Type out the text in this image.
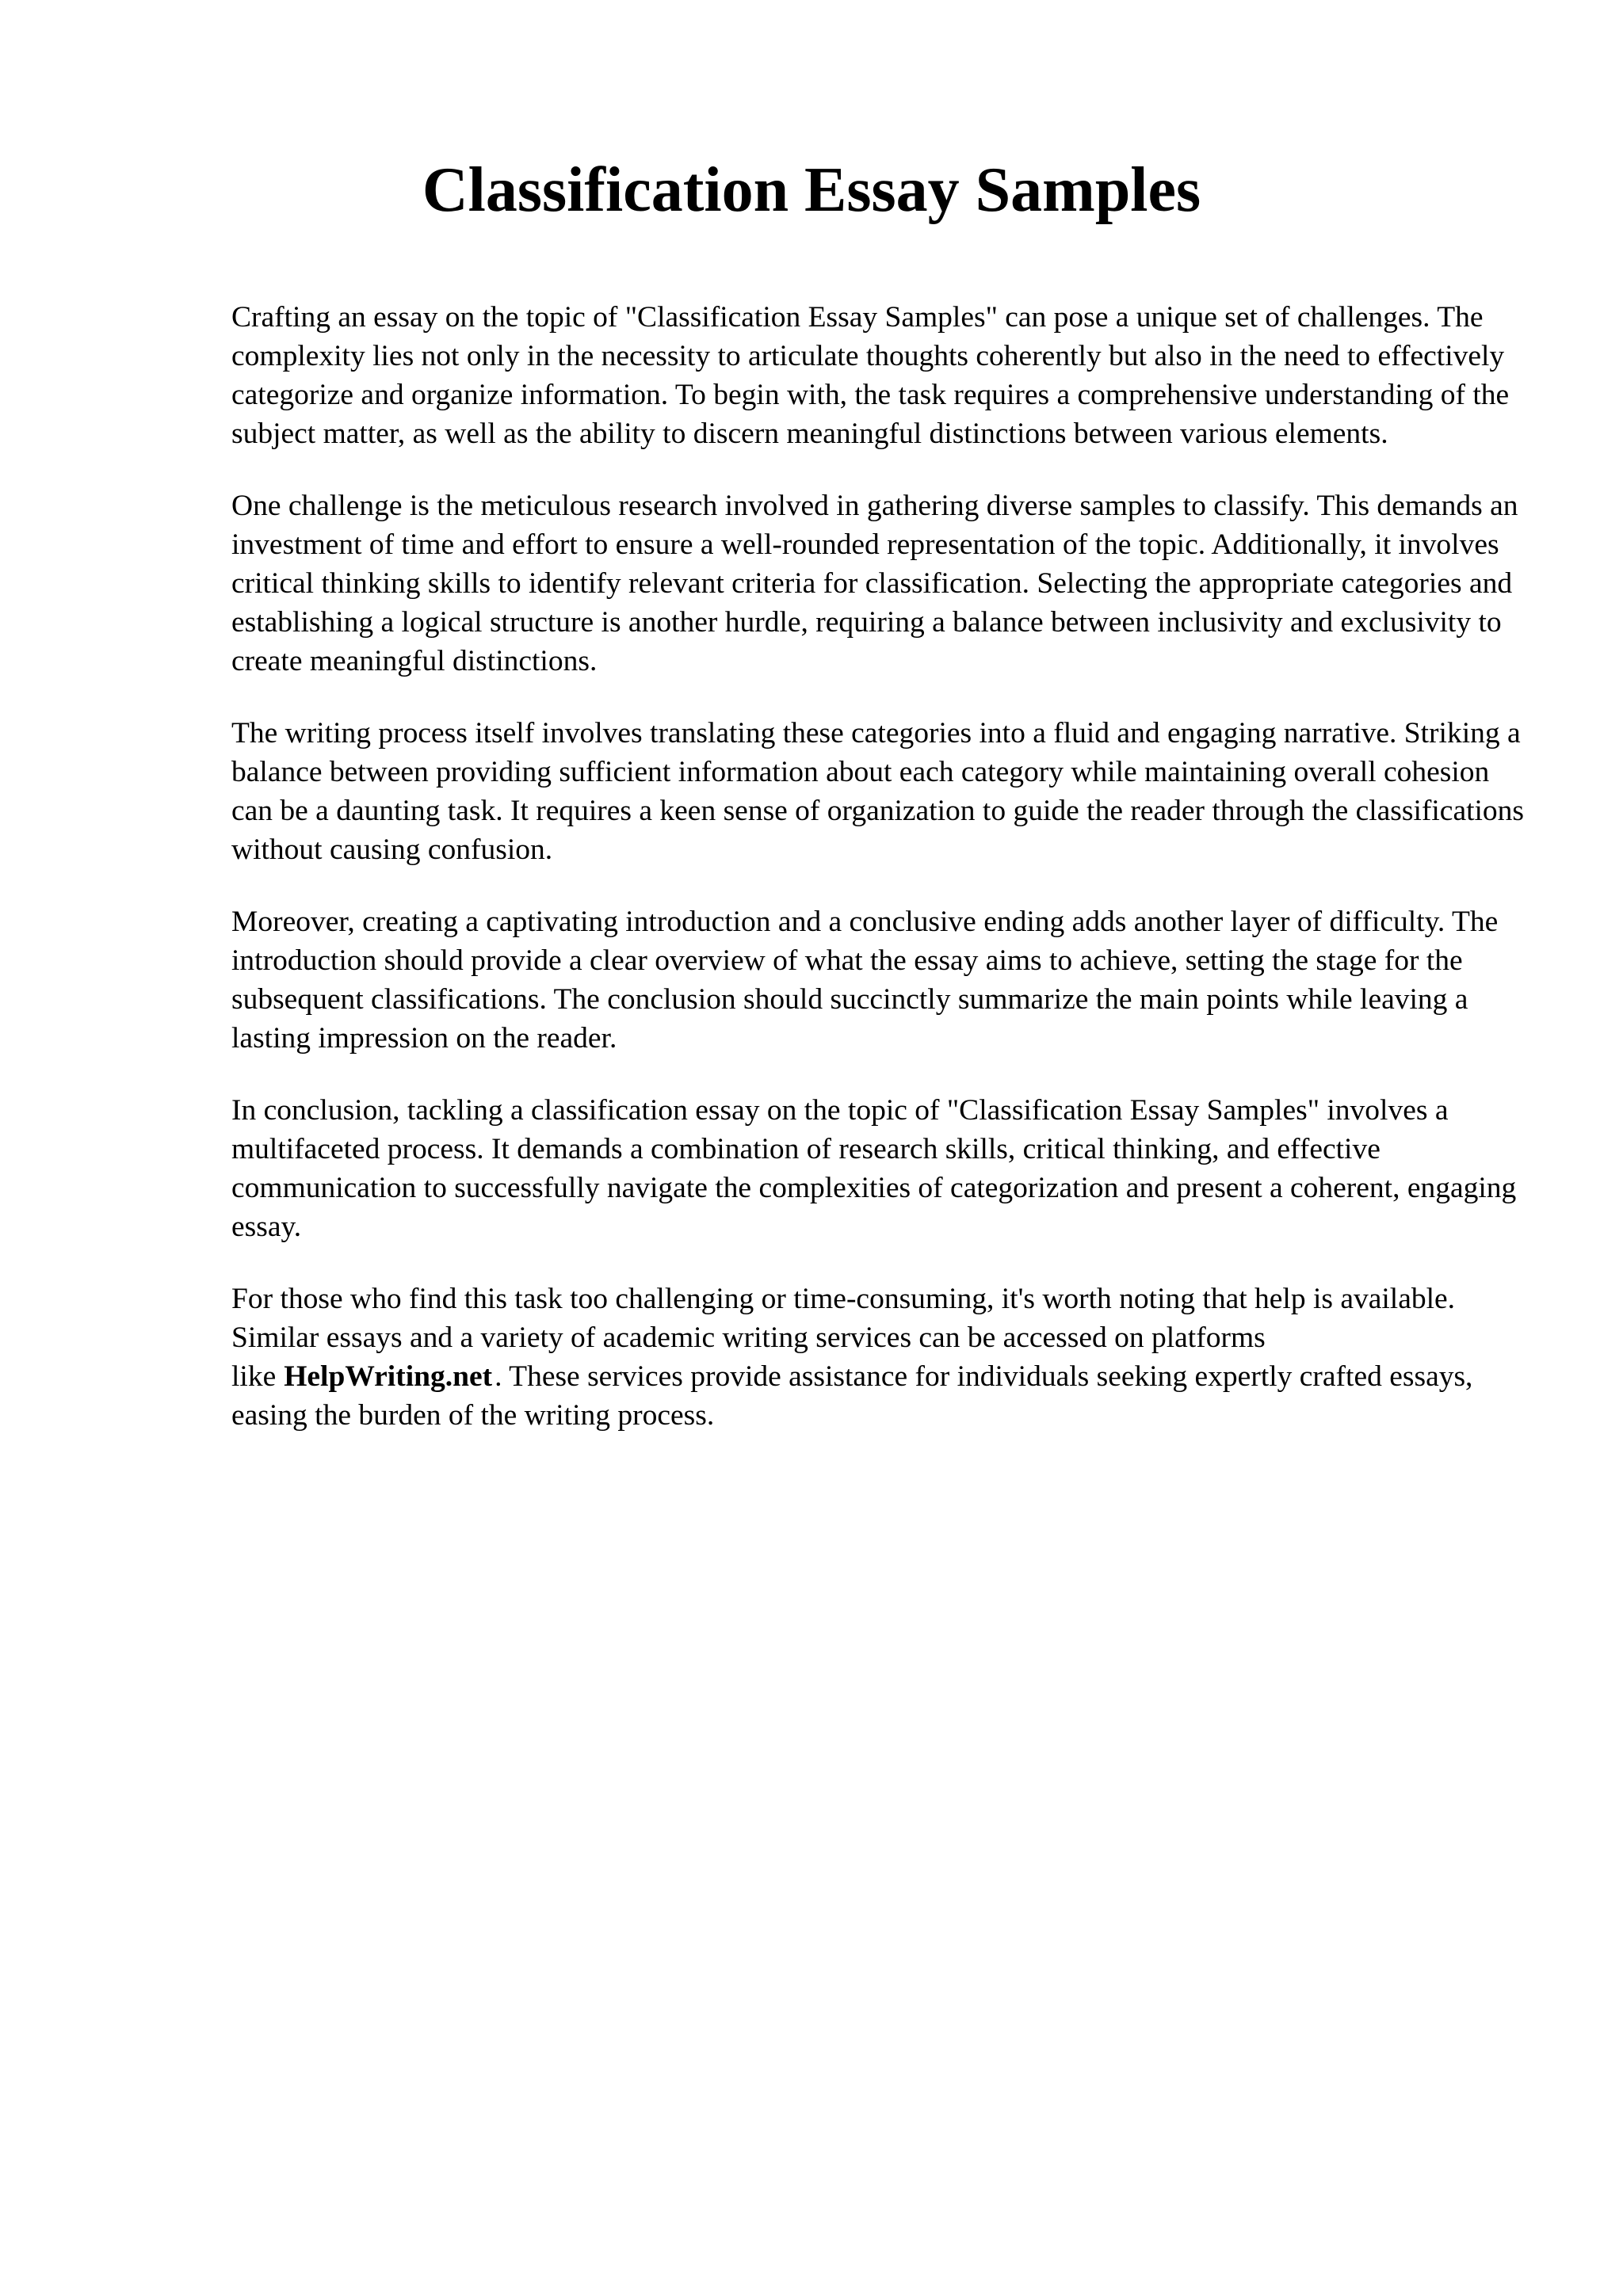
Classification Essay Samples

Crafting an essay on the topic of "Classification Essay Samples" can pose a unique set of challenges. The complexity lies not only in the necessity to articulate thoughts coherently but also in the need to effectively categorize and organize information. To begin with, the task requires a comprehensive understanding of the subject matter, as well as the ability to discern meaningful distinctions between various elements.

One challenge is the meticulous research involved in gathering diverse samples to classify. This demands an investment of time and effort to ensure a well-rounded representation of the topic. Additionally, it involves critical thinking skills to identify relevant criteria for classification. Selecting the appropriate categories and establishing a logical structure is another hurdle, requiring a balance between inclusivity and exclusivity to create meaningful distinctions.

The writing process itself involves translating these categories into a fluid and engaging narrative. Striking a balance between providing sufficient information about each category while maintaining overall cohesion can be a daunting task. It requires a keen sense of organization to guide the reader through the classifications without causing confusion.

Moreover, creating a captivating introduction and a conclusive ending adds another layer of difficulty. The introduction should provide a clear overview of what the essay aims to achieve, setting the stage for the subsequent classifications. The conclusion should succinctly summarize the main points while leaving a lasting impression on the reader.

In conclusion, tackling a classification essay on the topic of "Classification Essay Samples" involves a multifaceted process. It demands a combination of research skills, critical thinking, and effective communication to successfully navigate the complexities of categorization and present a coherent, engaging essay.

For those who find this task too challenging or time-consuming, it's worth noting that help is available. Similar essays and a variety of academic writing services can be accessed on platforms like HelpWriting.net. These services provide assistance for individuals seeking expertly crafted essays, easing the burden of the writing process.
